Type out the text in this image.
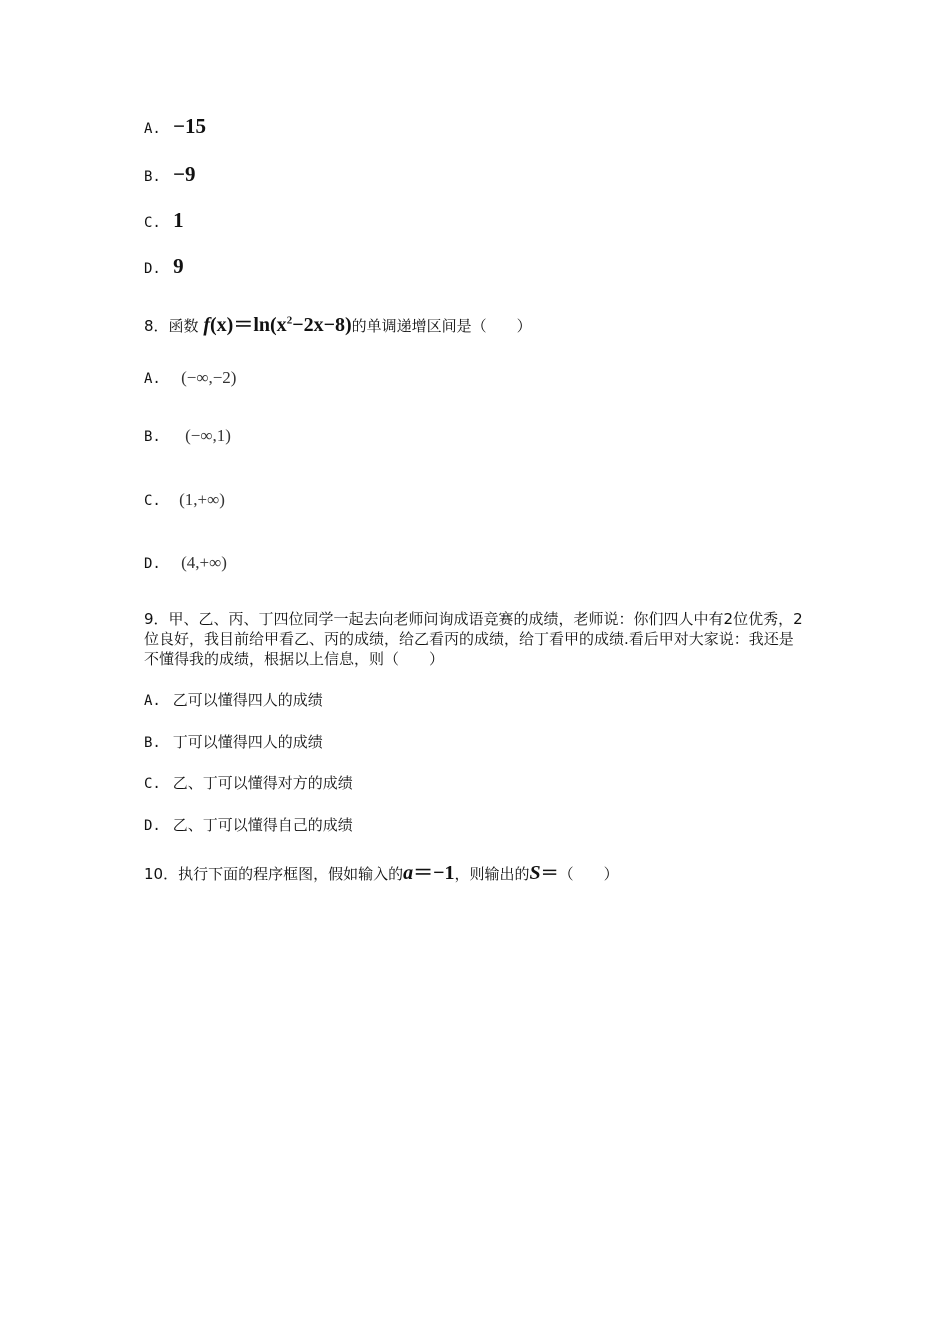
A. −15
B. −9
C. 1
D. 9
8．函数 $f(x)=\ln(x^2-2x-8)$的单调递增区间是（　　）
A. (−∞,−2)
B. (−∞,1)
C. (1,+∞)
D. (4,+∞)
9．甲、乙、丙、丁四位同学一起去向老师问询成语竞赛的成绩，老师说：你们四人中有2位优秀，2位良好，我目前给甲看乙、丙的成绩，给乙看丙的成绩，给丁看甲的成绩.看后甲对大家说：我还是不懂得我的成绩，根据以上信息，则（　　）
A. 乙可以懂得四人的成绩
B. 丁可以懂得四人的成绩
C. 乙、丁可以懂得对方的成绩
D. 乙、丁可以懂得自己的成绩
10．执行下面的程序框图，假如输入的a＝−1，则输出的S＝（　　）
